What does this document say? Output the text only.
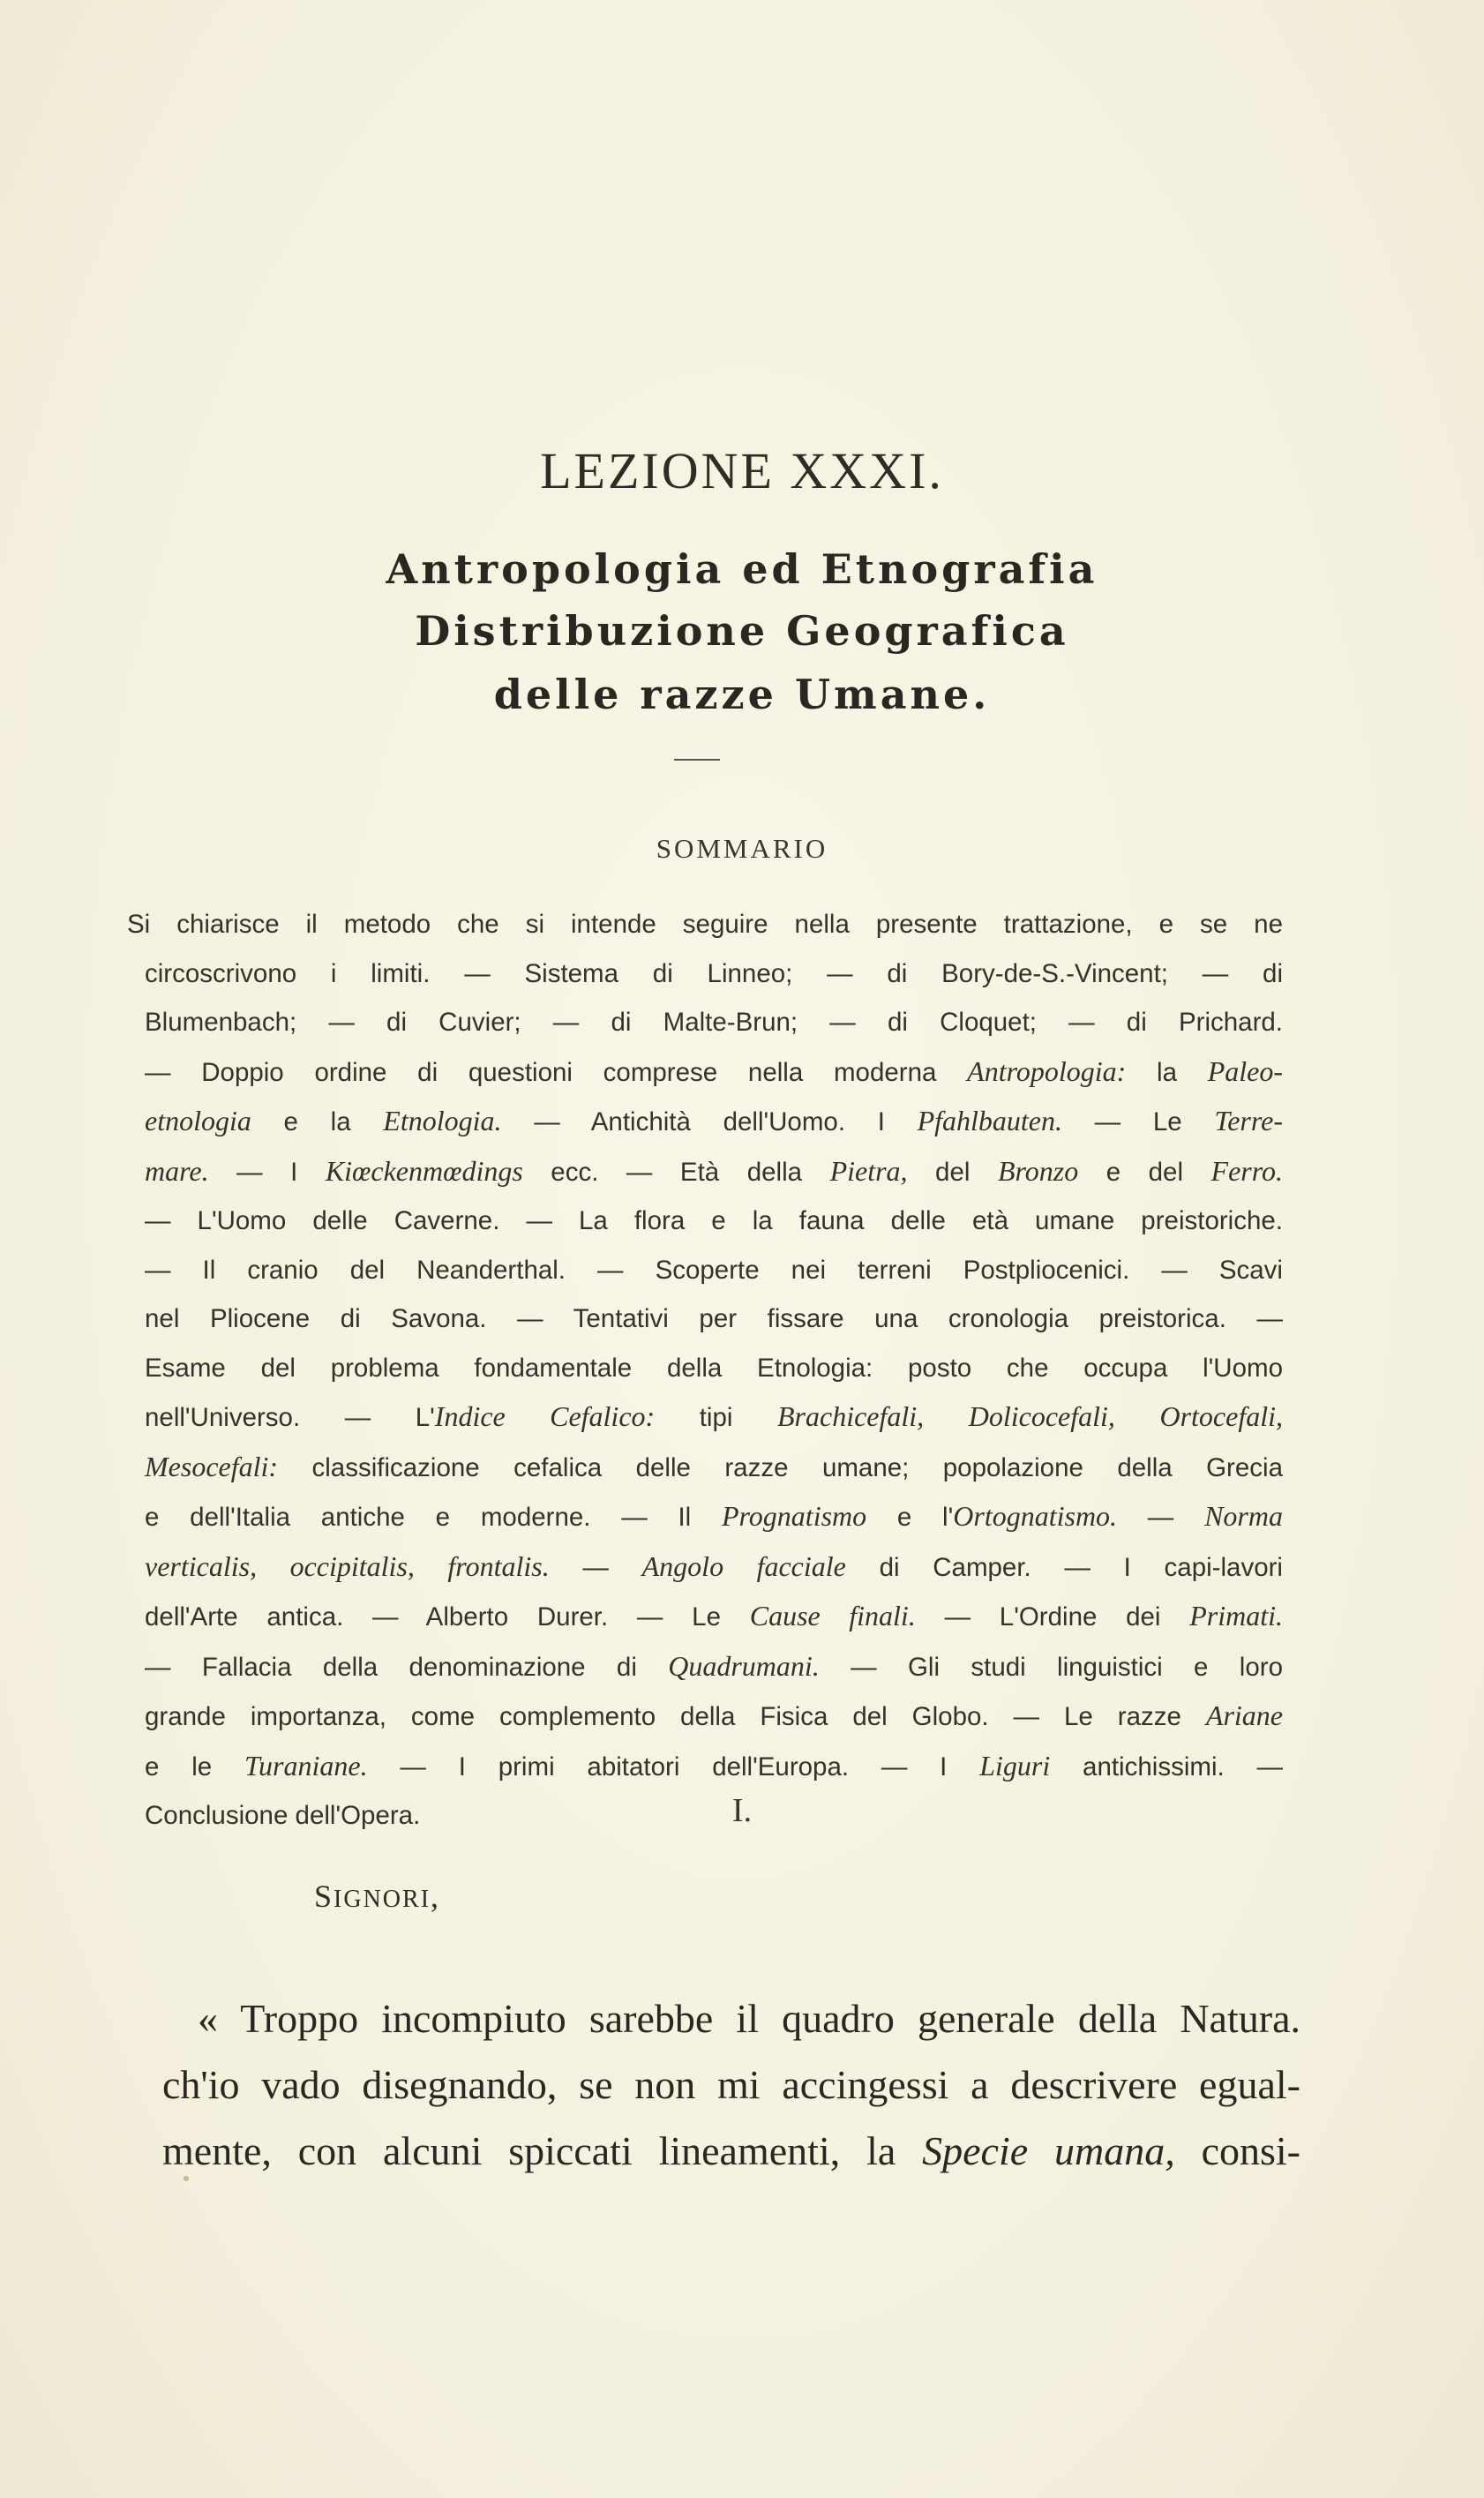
LEZIONE XXXI.
Antropologia ed Etnografia
Distribuzione Geografica
delle razze Umane.
SOMMARIO
Si chiarisce il metodo che si intende seguire nella presente trattazione, e se ne
circoscrivono i limiti. — Sistema di Linneo; — di Bory-de-S.-Vincent; — di
Blumenbach; — di Cuvier; — di Malte-Brun; — di Cloquet; — di Prichard.
— Doppio ordine di questioni comprese nella moderna Antropologia: la Paleo-
etnologia e la Etnologia. — Antichità dell'Uomo. I Pfahlbauten. — Le Terre-
mare. — I Kiœckenmœdings ecc. — Età della Pietra, del Bronzo e del Ferro.
— L'Uomo delle Caverne. — La flora e la fauna delle età umane preistoriche.
— Il cranio del Neanderthal. — Scoperte nei terreni Postpliocenici. — Scavi
nel Pliocene di Savona. — Tentativi per fissare una cronologia preistorica. —
Esame del problema fondamentale della Etnologia: posto che occupa l'Uomo
nell'Universo. — L'Indice Cefalico: tipi Brachicefali, Dolicocefali, Ortocefali,
Mesocefali: classificazione cefalica delle razze umane; popolazione della Grecia
e dell'Italia antiche e moderne. — Il Prognatismo e l'Ortognatismo. — Norma
verticalis, occipitalis, frontalis. — Angolo facciale di Camper. — I capi-lavori
dell'Arte antica. — Alberto Durer. — Le Cause finali. — L'Ordine dei Primati.
— Fallacia della denominazione di Quadrumani. — Gli studi linguistici e loro
grande importanza, come complemento della Fisica del Globo. — Le razze Ariane
e le Turaniane. — I primi abitatori dell'Europa. — I Liguri antichissimi. —
Conclusione dell'Opera.	I.
SIGNORI,
« Troppo incompiuto sarebbe il quadro generale della Natura.
ch'io vado disegnando, se non mi accingessi a descrivere egual-
mente, con alcuni spiccati lineamenti, la Specie umana, consi-
